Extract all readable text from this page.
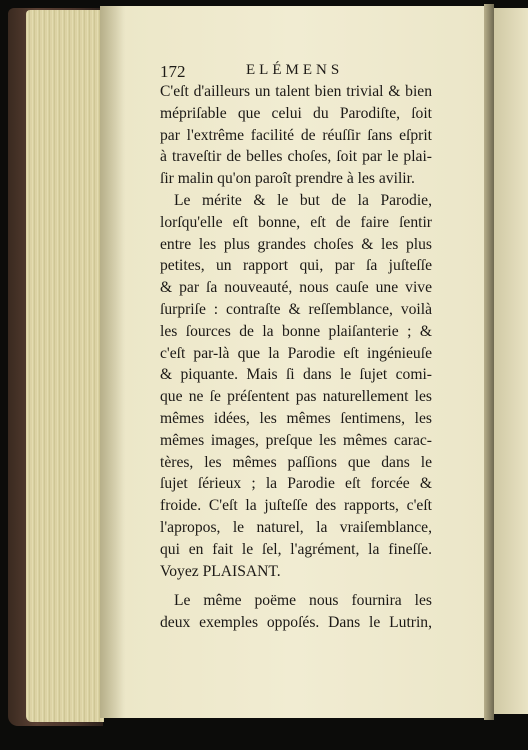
172	ELÉMENS
C'eſt d'ailleurs un talent bien trivial & bien
mépriſable que celui du Parodiſte, ſoit
par l'extrême facilité de réuſſir ſans eſprit
à traveſtir de belles choſes, ſoit par le plai-
ſir malin qu'on paroît prendre à les avilir.
Le mérite & le but de la Parodie,
lorſqu'elle eſt bonne, eſt de faire ſentir
entre les plus grandes choſes & les plus
petites, un rapport qui, par ſa juſteſſe
& par ſa nouveauté, nous cauſe une vive
ſurpriſe : contraſte & reſſemblance, voilà
les ſources de la bonne plaiſanterie ; &
c'eſt par-là que la Parodie eſt ingénieuſe
& piquante. Mais ſi dans le ſujet comi-
que ne ſe préſentent pas naturellement les
mêmes idées, les mêmes ſentimens, les
mêmes images, preſque les mêmes carac-
tères, les mêmes paſſions que dans le
ſujet ſérieux ; la Parodie eſt forcée &
froide. C'eſt la juſteſſe des rapports, c'eſt
l'apropos, le naturel, la vraiſemblance,
qui en fait le ſel, l'agrément, la fineſſe.
Voyez PLAISANT.
Le même poëme nous fournira les
deux exemples oppoſés. Dans le Lutrin,
